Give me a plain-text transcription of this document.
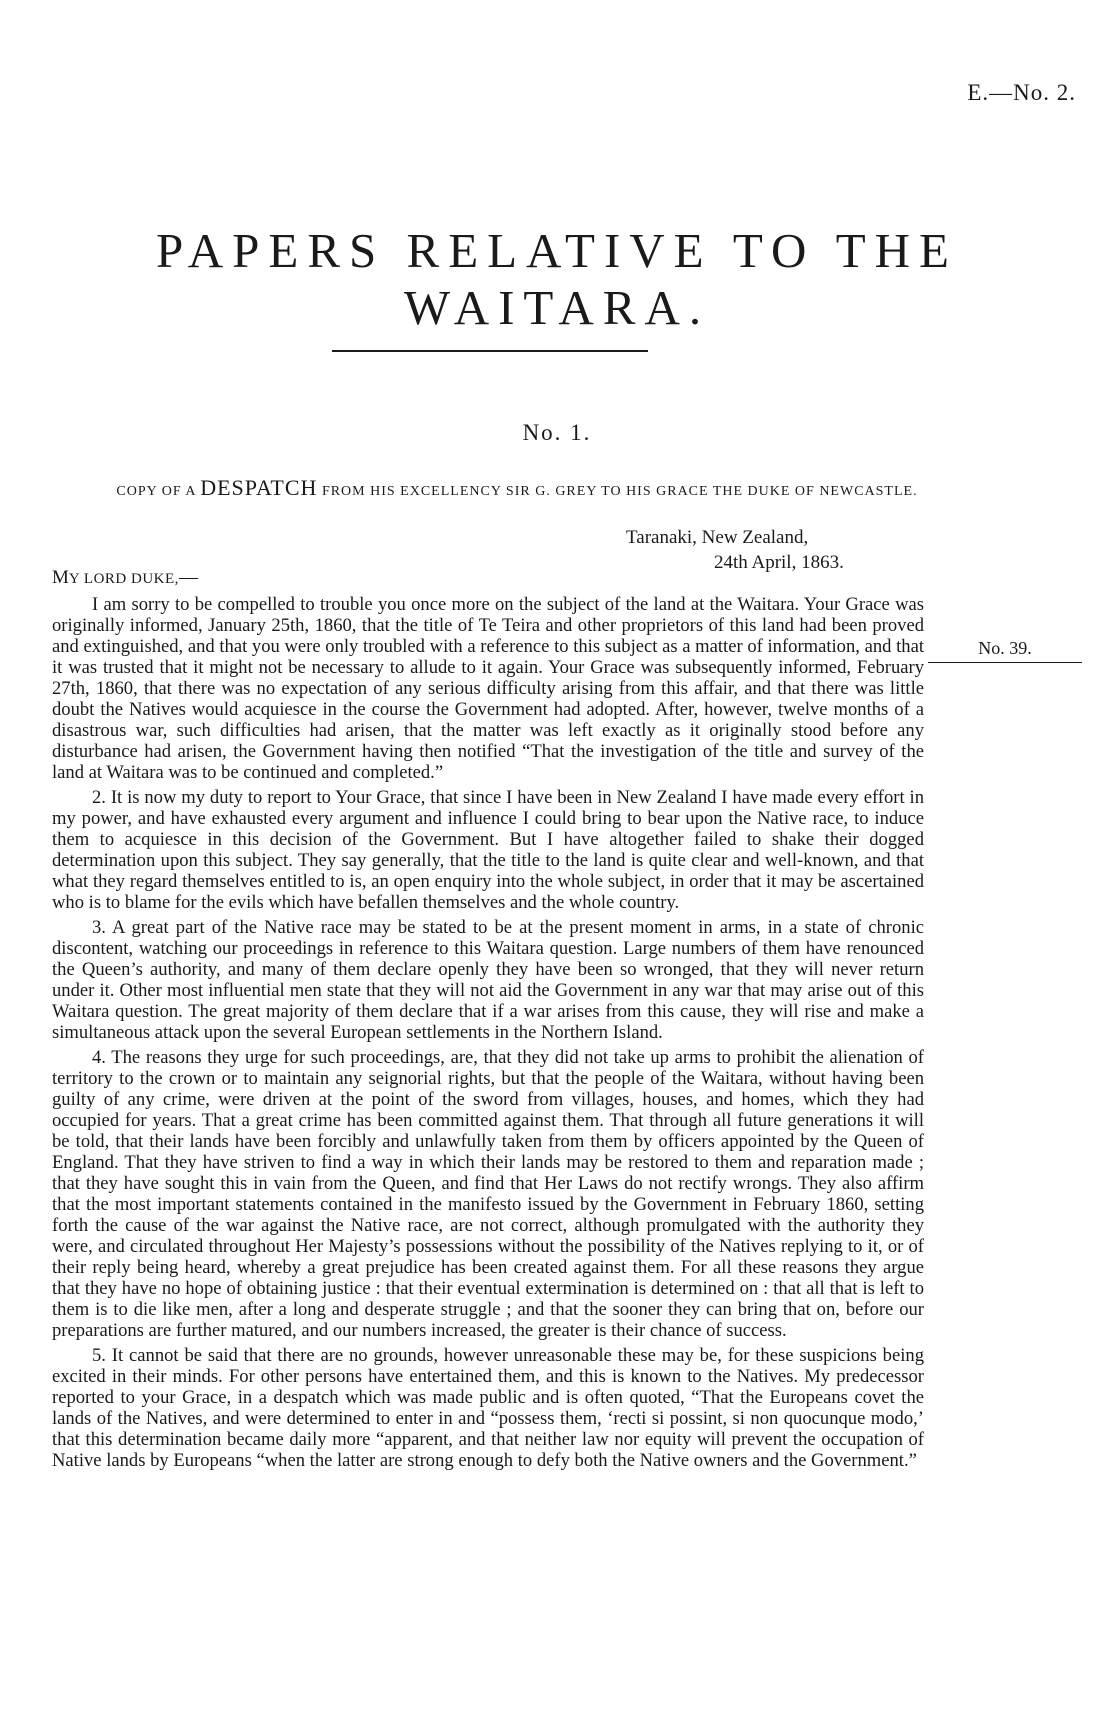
E.—No. 2.
PAPERS RELATIVE TO THE WAITARA.
No. 1.
COPY OF A DESPATCH FROM HIS EXCELLENCY SIR G. GREY TO HIS GRACE THE DUKE OF NEWCASTLE.
Taranaki, New Zealand,
24th April, 1863.
MY LORD DUKE,—

I am sorry to be compelled to trouble you once more on the subject of the land at the Waitara. Your Grace was originally informed, January 25th, 1860, that the title of Te Teira and other proprietors of this land had been proved and extinguished, and that you were only troubled with a reference to this subject as a matter of information, and that it was trusted that it might not be necessary to allude to it again. Your Grace was subsequently informed, February 27th, 1860, that there was no expectation of any serious difficulty arising from this affair, and that there was little doubt the Natives would acquiesce in the course the Government had adopted. After, however, twelve months of a disastrous war, such difficulties had arisen, that the matter was left exactly as it originally stood before any disturbance had arisen, the Government having then notified “That the investigation of the title and survey of the land at Waitara was to be continued and completed.”

2. It is now my duty to report to Your Grace, that since I have been in New Zealand I have made every effort in my power, and have exhausted every argument and influence I could bring to bear upon the Native race, to induce them to acquiesce in this decision of the Government. But I have altogether failed to shake their dogged determination upon this subject. They say generally, that the title to the land is quite clear and well-known, and that what they regard themselves entitled to is, an open enquiry into the whole subject, in order that it may be ascertained who is to blame for the evils which have befallen themselves and the whole country.

3. A great part of the Native race may be stated to be at the present moment in arms, in a state of chronic discontent, watching our proceedings in reference to this Waitara question. Large numbers of them have renounced the Queen’s authority, and many of them declare openly they have been so wronged, that they will never return under it. Other most influential men state that they will not aid the Government in any war that may arise out of this Waitara question. The great majority of them declare that if a war arises from this cause, they will rise and make a simultaneous attack upon the several European settlements in the Northern Island.

4. The reasons they urge for such proceedings, are, that they did not take up arms to prohibit the alienation of territory to the crown or to maintain any seignorial rights, but that the people of the Waitara, without having been guilty of any crime, were driven at the point of the sword from villages, houses, and homes, which they had occupied for years. That a great crime has been committed against them. That through all future generations it will be told, that their lands have been forcibly and unlawfully taken from them by officers appointed by the Queen of England. That they have striven to find a way in which their lands may be restored to them and reparation made ; that they have sought this in vain from the Queen, and find that Her Laws do not rectify wrongs. They also affirm that the most important statements contained in the manifesto issued by the Government in February 1860, setting forth the cause of the war against the Native race, are not correct, although promulgated with the authority they were, and circulated throughout Her Majesty’s possessions without the possibility of the Natives replying to it, or of their reply being heard, whereby a great prejudice has been created against them. For all these reasons they argue that they have no hope of obtaining justice : that their eventual extermination is determined on : that all that is left to them is to die like men, after a long and desperate struggle ; and that the sooner they can bring that on, before our preparations are further matured, and our numbers increased, the greater is their chance of success.

5. It cannot be said that there are no grounds, however unreasonable these may be, for these suspicions being excited in their minds. For other persons have entertained them, and this is known to the Natives. My predecessor reported to your Grace, in a despatch which was made public and is often quoted, “That the Europeans covet the lands of the Natives, and were determined to enter in and “possess them, ‘recti si possint, si non quocunque modo,’ that this determination became daily more “apparent, and that neither law nor equity will prevent the occupation of Native lands by Europeans “when the latter are strong enough to defy both the Native owners and the Government.”

No. 39.
